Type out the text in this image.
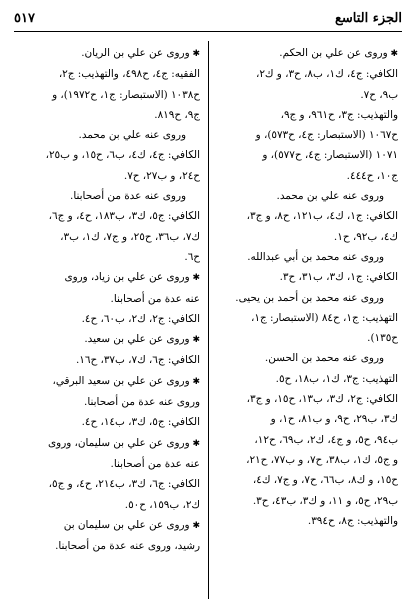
الجزء التاسع
٥١٧
✱ وروى عن علي بن الحكم.
الكافي: ج٤، ك١، ب٨، ح٣، و ك٢،
ب٩، ح٧.
والتهذيب: ج٣، ح٩٦١، و ج٩،
ح١٠٦٧ (الاستبصار: ج٤، ح٥٧٣)، و
١٠٧١ (الاستبصار: ج٤، ح٥٧٧)، و
ج١٠، ح٤٤٤.
وروى عنه علي بن محمد.
الكافي: ج١، ك٤، ب١٢١، ح٨، و ج٣،
ك٤، ب٩٢، ح١.
وروى عنه محمد بن أبي عبدالله.
الكافي: ج١، ك٣، ب٣١، ح٣.
وروى عنه محمد بن أحمد بن يحيى.
التهذيب: ج١، ح٨٤ (الاستبصار: ج١،
ح١٣٥).
وروى عنه محمد بن الحسن.
التهذيب: ج٣، ك١، ب١٨، ح٥.
الكافي: ج٢، ك٣، ب١٣، ح١٥، و ج٣،
ك٣، ب٢٩، ح٩، و ب٨١، ح١، و
ب٩٤، ح٥، و ج٤، ك٢، ب٦٩، ح١٢،
و ج٥، ك١، ب٣٨، ح٧، و ب٧٧، ح٢١،
ح١٥، و ك٨، ب٦٦، ح٧، و ج٧، ك٤،
ب٢٩، ح٥، و ١١، و ك٣، ب٤٣، ح٣.
والتهذيب: ج٨، ح٣٩٤.
✱ وروى عن علي بن الريان.
الفقيه: ج٤، ح٤٩٨، والتهذيب: ج٢،
ح١٠٣٨ (الاستبصار: ج١، ح١٩٧٢)، و
ج٩، ح٨١٩.
وروى عنه علي بن محمد.
الكافي: ج٤، ك٤، ب٦، ح١٥، و ب٢٥،
ح٢٤، و ب٢٧، ح٧.
وروى عنه عدة من أصحابنا.
الكافي: ج٥، ك٣، ب١٨٣، ح٤، و ج٦،
ك٧، ب٣٦، ح٢٥، و ج٧، ك١، ب٣،
ح٦.
✱ وروى عن علي بن زياد، وروى
عنه عدة من أصحابنا.
الكافي: ج٢، ك٢، ب٦٠، ح٤.
✱ وروى عن علي بن سعيد.
الكافي: ج٦، ك٧، ب٣٧، ح١٦.
✱ وروى عن علي بن سعيد البرقي،
وروى عنه عدة من أصحابنا.
الكافي: ج٥، ك٣، ب١٤، ح٤.
✱ وروى عن علي بن سليمان، وروى
عنه عدة من أصحابنا.
الكافي: ج٦، ك٣، ب٢١٤، ح٤، و ج٥،
ك٢، ب١٥٩، ح٥٠.
✱ وروى عن علي بن سليمان بن
رشيد، وروى عنه عدة من أصحابنا.
